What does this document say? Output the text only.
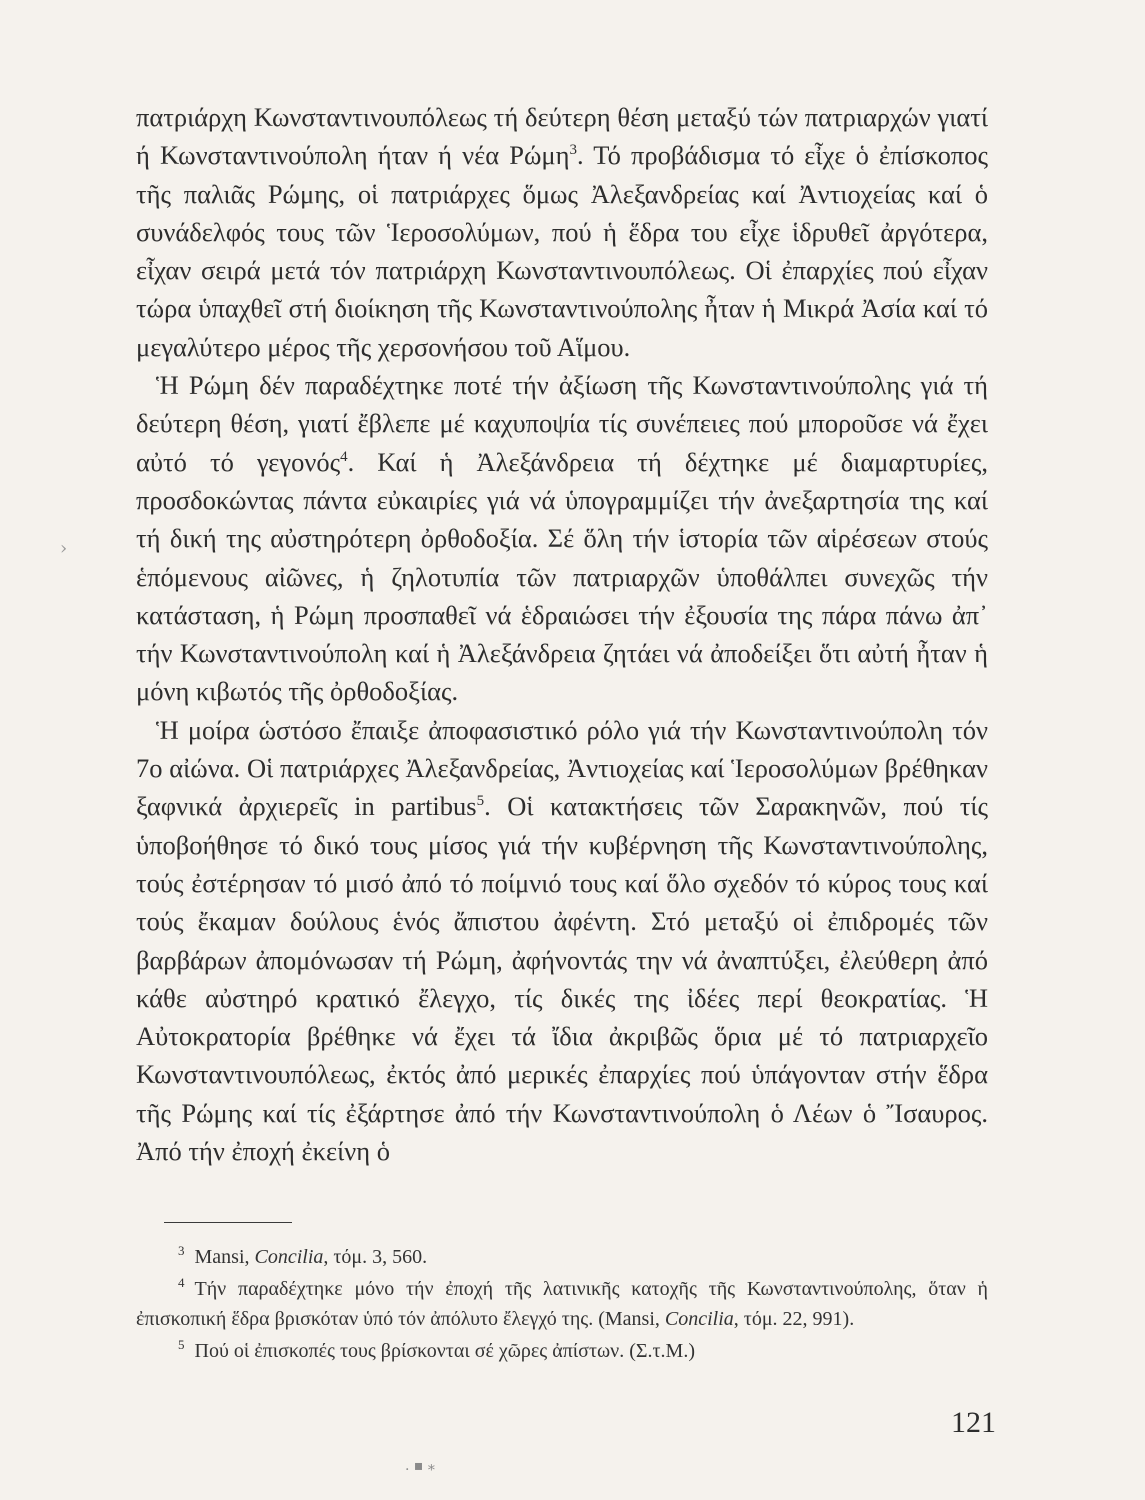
›

πατριάρχη Κωνσταντινουπόλεως τή δεύτερη θέση μεταξύ τών πατριαρχών γιατί ή Κωνσταντινούπολη ήταν ή νέα Ρώμη$^3$. Τό προβάδισμα τό εἶχε ὁ ἐπίσκοπος τῆς παλιᾶς Ρώμης, οἱ πατριάρχες ὅμως Ἀλεξανδρείας καί Ἀντιοχείας καί ὁ συνάδελφός τους τῶν Ἱεροσολύμων, πού ἡ ἕδρα του εἶχε ἱδρυθεῖ ἀργότερα, εἶχαν σειρά μετά τόν πατριάρχη Κωνσταντινουπόλεως. Οἱ ἐπαρχίες πού εἶχαν τώρα ὑπαχθεῖ στή διοίκηση τῆς Κωνσταντινούπολης ἦταν ἡ Μικρά Ἀσία καί τό μεγαλύτερο μέρος τῆς χερσονήσου τοῦ Αἵμου.

Ἡ Ρώμη δέν παραδέχτηκε ποτέ τήν ἀξίωση τῆς Κωνσταντινούπολης γιά τή δεύτερη θέση, γιατί ἔβλεπε μέ καχυποψία τίς συνέπειες πού μποροῦσε νά ἔχει αὐτό τό γεγονός$^4$. Καί ἡ Ἀλεξάνδρεια τή δέχτηκε μέ διαμαρτυρίες, προσδοκώντας πάντα εὐκαιρίες γιά νά ὑπογραμμίζει τήν ἀνεξαρτησία της καί τή δική της αὐστηρότερη ὀρθοδοξία. Σέ ὅλη τήν ἱστορία τῶν αἱρέσεων στούς ἑπόμενους αἰῶνες, ἡ ζηλοτυπία τῶν πατριαρχῶν ὑποθάλπει συνεχῶς τήν κατάσταση, ἡ Ρώμη προσπαθεῖ νά ἑδραιώσει τήν ἐξουσία της πάρα πάνω ἀπ᾽ τήν Κωνσταντινούπολη καί ἡ Ἀλεξάνδρεια ζητάει νά ἀποδείξει ὅτι αὐτή ἦταν ἡ μόνη κιβωτός τῆς ὀρθοδοξίας.

Ἡ μοίρα ὡστόσο ἔπαιξε ἀποφασιστικό ρόλο γιά τήν Κωνσταντινούπολη τόν 7ο αἰώνα. Οἱ πατριάρχες Ἀλεξανδρείας, Ἀντιοχείας καί Ἱεροσολύμων βρέθηκαν ξαφνικά ἀρχιερεῖς in partibus$^5$. Οἱ κατακτήσεις τῶν Σαρακηνῶν, πού τίς ὑποβοήθησε τό δικό τους μίσος γιά τήν κυβέρνηση τῆς Κωνσταντινούπολης, τούς ἐστέρησαν τό μισό ἀπό τό ποίμνιό τους καί ὅλο σχεδόν τό κύρος τους καί τούς ἔκαμαν δούλους ἑνός ἄπιστου ἀφέντη. Στό μεταξύ οἱ ἐπιδρομές τῶν βαρβάρων ἀπομόνωσαν τή Ρώμη, ἀφήνοντάς την νά ἀναπτύξει, ἐλεύθερη ἀπό κάθε αὐστηρό κρατικό ἔλεγχο, τίς δικές της ἰδέες περί θεοκρατίας. Ἡ Αὐτοκρατορία βρέθηκε νά ἔχει τά ἴδια ἀκριβῶς ὅρια μέ τό πατριαρχεῖο Κωνσταντινουπόλεως, ἐκτός ἀπό μερικές ἐπαρχίες πού ὑπάγονταν στήν ἕδρα τῆς Ρώμης καί τίς ἐξάρτησε ἀπό τήν Κωνσταντινούπολη ὁ Λέων ὁ Ἴσαυρος. Ἀπό τήν ἐποχή ἐκείνη ὁ

$^3$ Mansi, Concilia, τόμ. 3, 560.

$^4$ Τήν παραδέχτηκε μόνο τήν ἐποχή τῆς λατινικῆς κατοχῆς τῆς Κωνσταντινούπολης, ὅταν ἡ ἐπισκοπική ἕδρα βρισκόταν ὑπό τόν ἀπόλυτο ἔλεγχό της. (Mansi, Concilia, τόμ. 22, 991).

$^5$ Πού οἱ ἐπισκοπές τους βρίσκονται σέ χῶρες ἀπίστων. (Σ.τ.Μ.)

121
. ▪ ⁎
